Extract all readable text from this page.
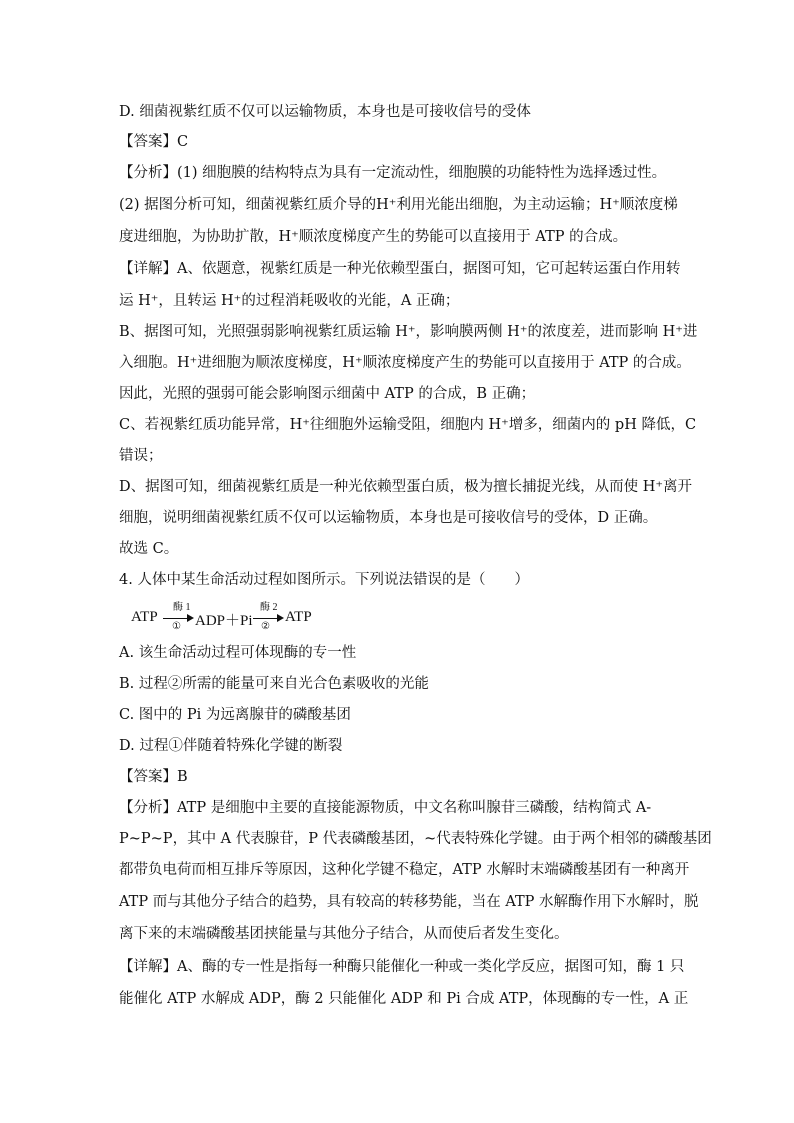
D. 细菌视紫红质不仅可以运输物质，本身也是可接收信号的受体
【答案】C
【分析】(1) 细胞膜的结构特点为具有一定流动性，细胞膜的功能特性为选择透过性。
(2) 据图分析可知，细菌视紫红质介导的H⁺利用光能出细胞，为主动运输；H⁺顺浓度梯
度进细胞，为协助扩散，H⁺顺浓度梯度产生的势能可以直接用于 ATP 的合成。
【详解】A、依题意，视紫红质是一种光依赖型蛋白，据图可知，它可起转运蛋白作用转
运 H⁺，且转运 H⁺的过程消耗吸收的光能，A 正确；
B、据图可知，光照强弱影响视紫红质运输 H⁺，影响膜两侧 H⁺的浓度差，进而影响 H⁺进
入细胞。H⁺进细胞为顺浓度梯度，H⁺顺浓度梯度产生的势能可以直接用于 ATP 的合成。
因此，光照的强弱可能会影响图示细菌中 ATP 的合成，B 正确；
C、若视紫红质功能异常，H⁺往细胞外运输受阻，细胞内 H⁺增多，细菌内的 pH 降低，C
错误；
D、据图可知，细菌视紫红质是一种光依赖型蛋白质，极为擅长捕捉光线，从而使 H⁺离开
细胞，说明细菌视紫红质不仅可以运输物质，本身也是可接收信号的受体，D 正确。
故选 C。
4. 人体中某生命活动过程如图所示。下列说法错误的是（　　）
ATP
酶 1
① ADP＋Pi
酶 2
②
ATP
A. 该生命活动过程可体现酶的专一性
B. 过程②所需的能量可来自光合色素吸收的光能
C. 图中的 Pi 为远离腺苷的磷酸基团
D. 过程①伴随着特殊化学键的断裂
【答案】B
【分析】ATP 是细胞中主要的直接能源物质，中文名称叫腺苷三磷酸，结构简式 A-
P~P~P，其中 A 代表腺苷，P 代表磷酸基团，~代表特殊化学键。由于两个相邻的磷酸基团
都带负电荷而相互排斥等原因，这种化学键不稳定，ATP 水解时末端磷酸基团有一种离开
ATP 而与其他分子结合的趋势，具有较高的转移势能，当在 ATP 水解酶作用下水解时，脱
离下来的末端磷酸基团挟能量与其他分子结合，从而使后者发生变化。
【详解】A、酶的专一性是指每一种酶只能催化一种或一类化学反应，据图可知，酶 1 只
能催化 ATP 水解成 ADP，酶 2 只能催化 ADP 和 Pi 合成 ATP，体现酶的专一性，A 正
